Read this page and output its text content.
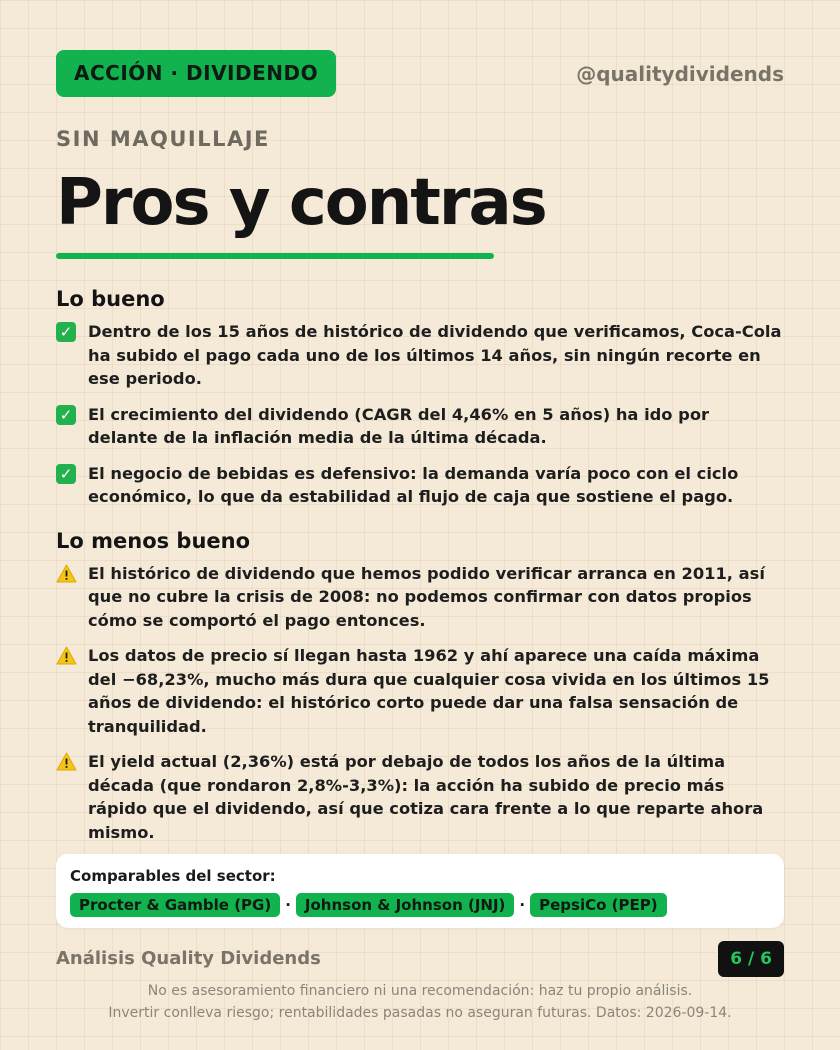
ACCIÓN · DIVIDENDO	@qualitydividends
SIN MAQUILLAJE
Pros y contras
Lo bueno
✓ Dentro de los 15 años de histórico de dividendo que verificamos, Coca-Cola ha subido el pago cada uno de los últimos 14 años, sin ningún recorte en ese periodo.
✓ El crecimiento del dividendo (CAGR del 4,46% en 5 años) ha ido por delante de la inflación media de la última década.
✓ El negocio de bebidas es defensivo: la demanda varía poco con el ciclo económico, lo que da estabilidad al flujo de caja que sostiene el pago.
Lo menos bueno
El histórico de dividendo que hemos podido verificar arranca en 2011, así que no cubre la crisis de 2008: no podemos confirmar con datos propios cómo se comportó el pago entonces.
Los datos de precio sí llegan hasta 1962 y ahí aparece una caída máxima del −68,23%, mucho más dura que cualquier cosa vivida en los últimos 15 años de dividendo: el histórico corto puede dar una falsa sensación de tranquilidad.
El yield actual (2,36%) está por debajo de todos los años de la última década (que rondaron 2,8%-3,3%): la acción ha subido de precio más rápido que el dividendo, así que cotiza cara frente a lo que reparte ahora mismo.
Comparables del sector: Procter & Gamble (PG) · Johnson & Johnson (JNJ) · PepsiCo (PEP)
Análisis Quality Dividends	6 / 6
No es asesoramiento financiero ni una recomendación: haz tu propio análisis.
Invertir conlleva riesgo; rentabilidades pasadas no aseguran futuras. Datos: 2026-09-14.
